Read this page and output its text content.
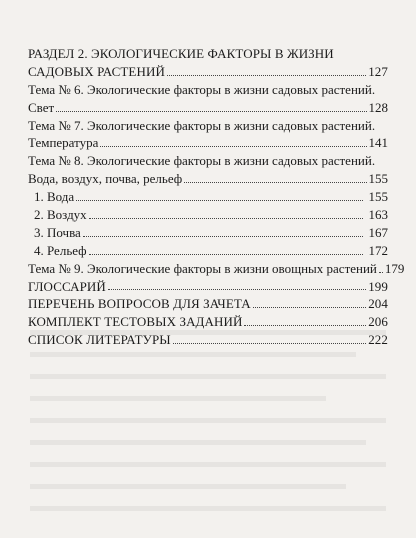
РАЗДЕЛ 2. ЭКОЛОГИЧЕСКИЕ ФАКТОРЫ В ЖИЗНИ
САДОВЫХ РАСТЕНИЙ	127
Тема № 6. Экологические факторы в жизни садовых растений.
Свет	128
Тема № 7. Экологические факторы в жизни садовых растений.
Температура	141
Тема № 8. Экологические факторы в жизни садовых растений.
Вода, воздух, почва, рельеф	155
1. Вода	155
2. Воздух	163
3. Почва	167
4. Рельеф	172
Тема № 9. Экологические факторы в жизни овощных растений 179
ГЛОССАРИЙ	199
ПЕРЕЧЕНЬ ВОПРОСОВ ДЛЯ ЗАЧЕТА	204
КОМПЛЕКТ ТЕСТОВЫХ ЗАДАНИЙ	206
СПИСОК ЛИТЕРАТУРЫ	222
